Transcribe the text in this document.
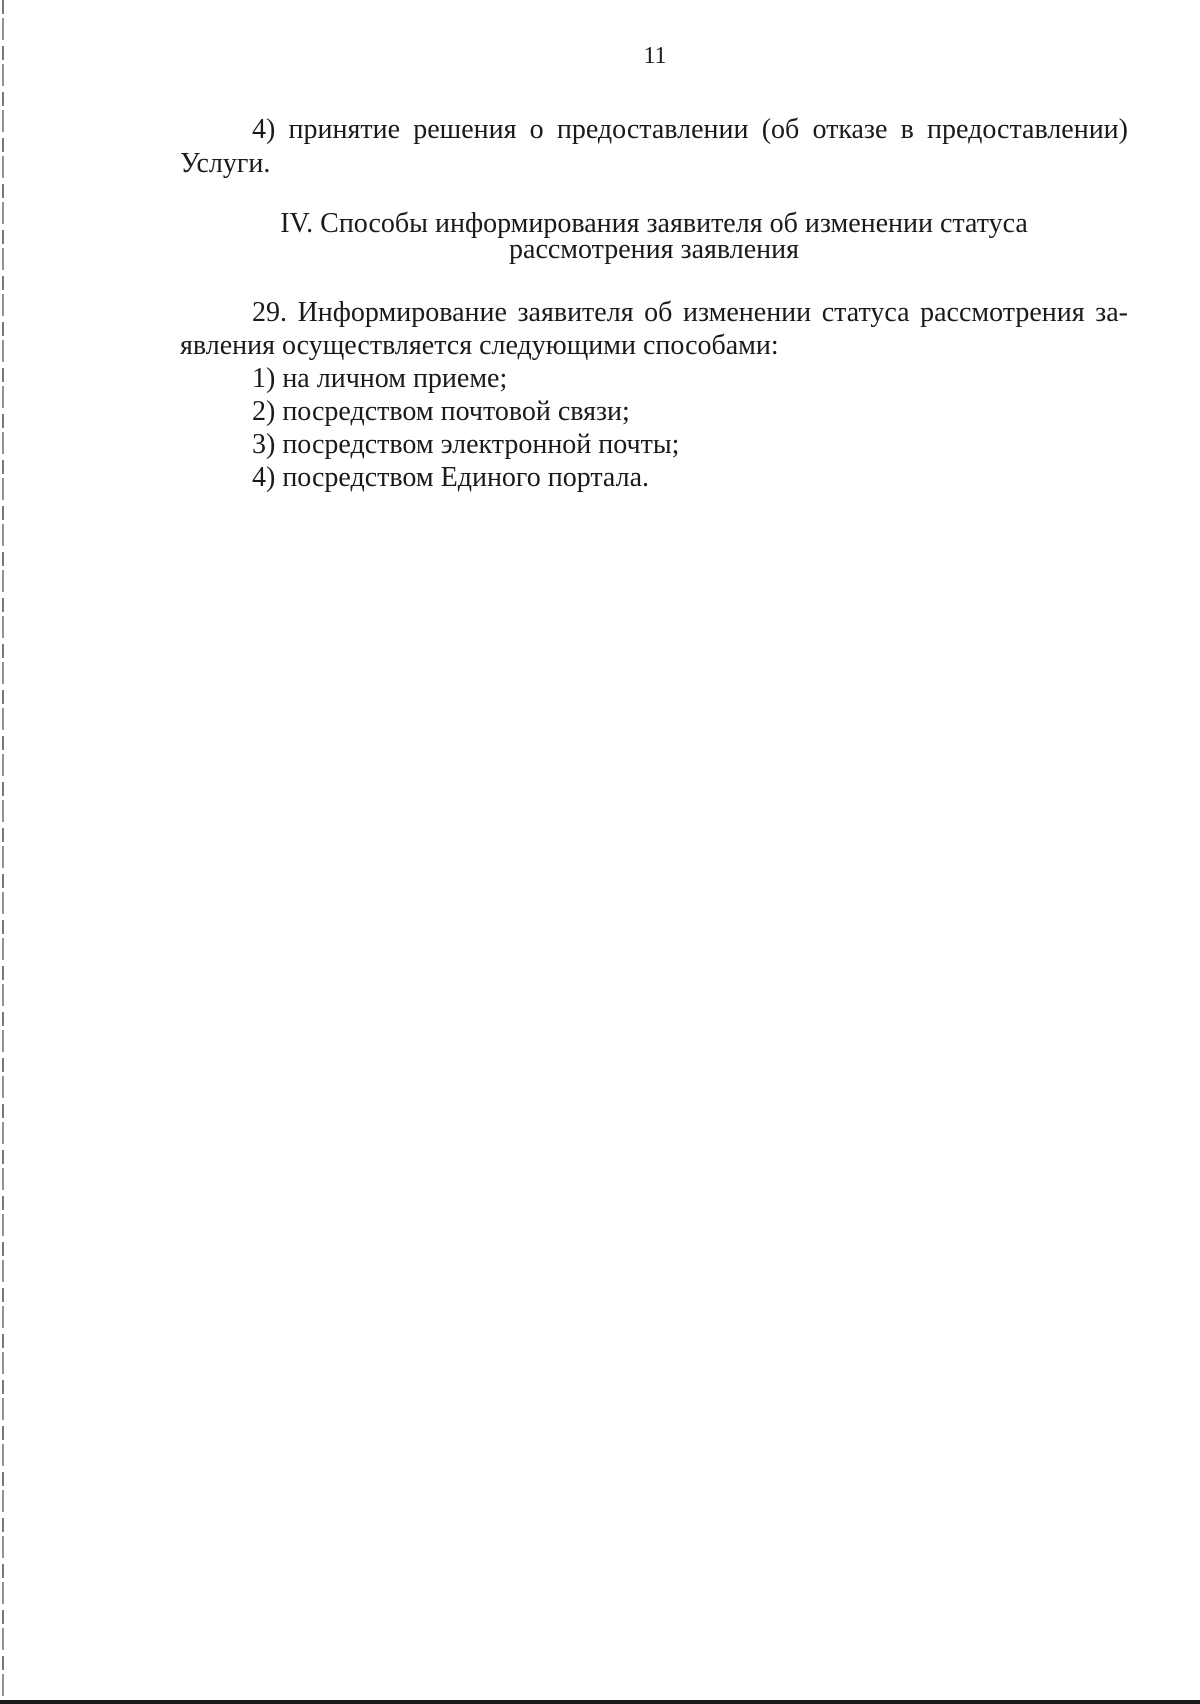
11
4) принятие решения о предоставлении (об отказе в предоставлении)
Услуги.
IV. Способы информирования заявителя об изменении статуса
рассмотрения заявления
29. Информирование заявителя об изменении статуса рассмотрения за-
явления осуществляется следующими способами:
1) на личном приеме;
2) посредством почтовой связи;
3) посредством электронной почты;
4) посредством Единого портала.
